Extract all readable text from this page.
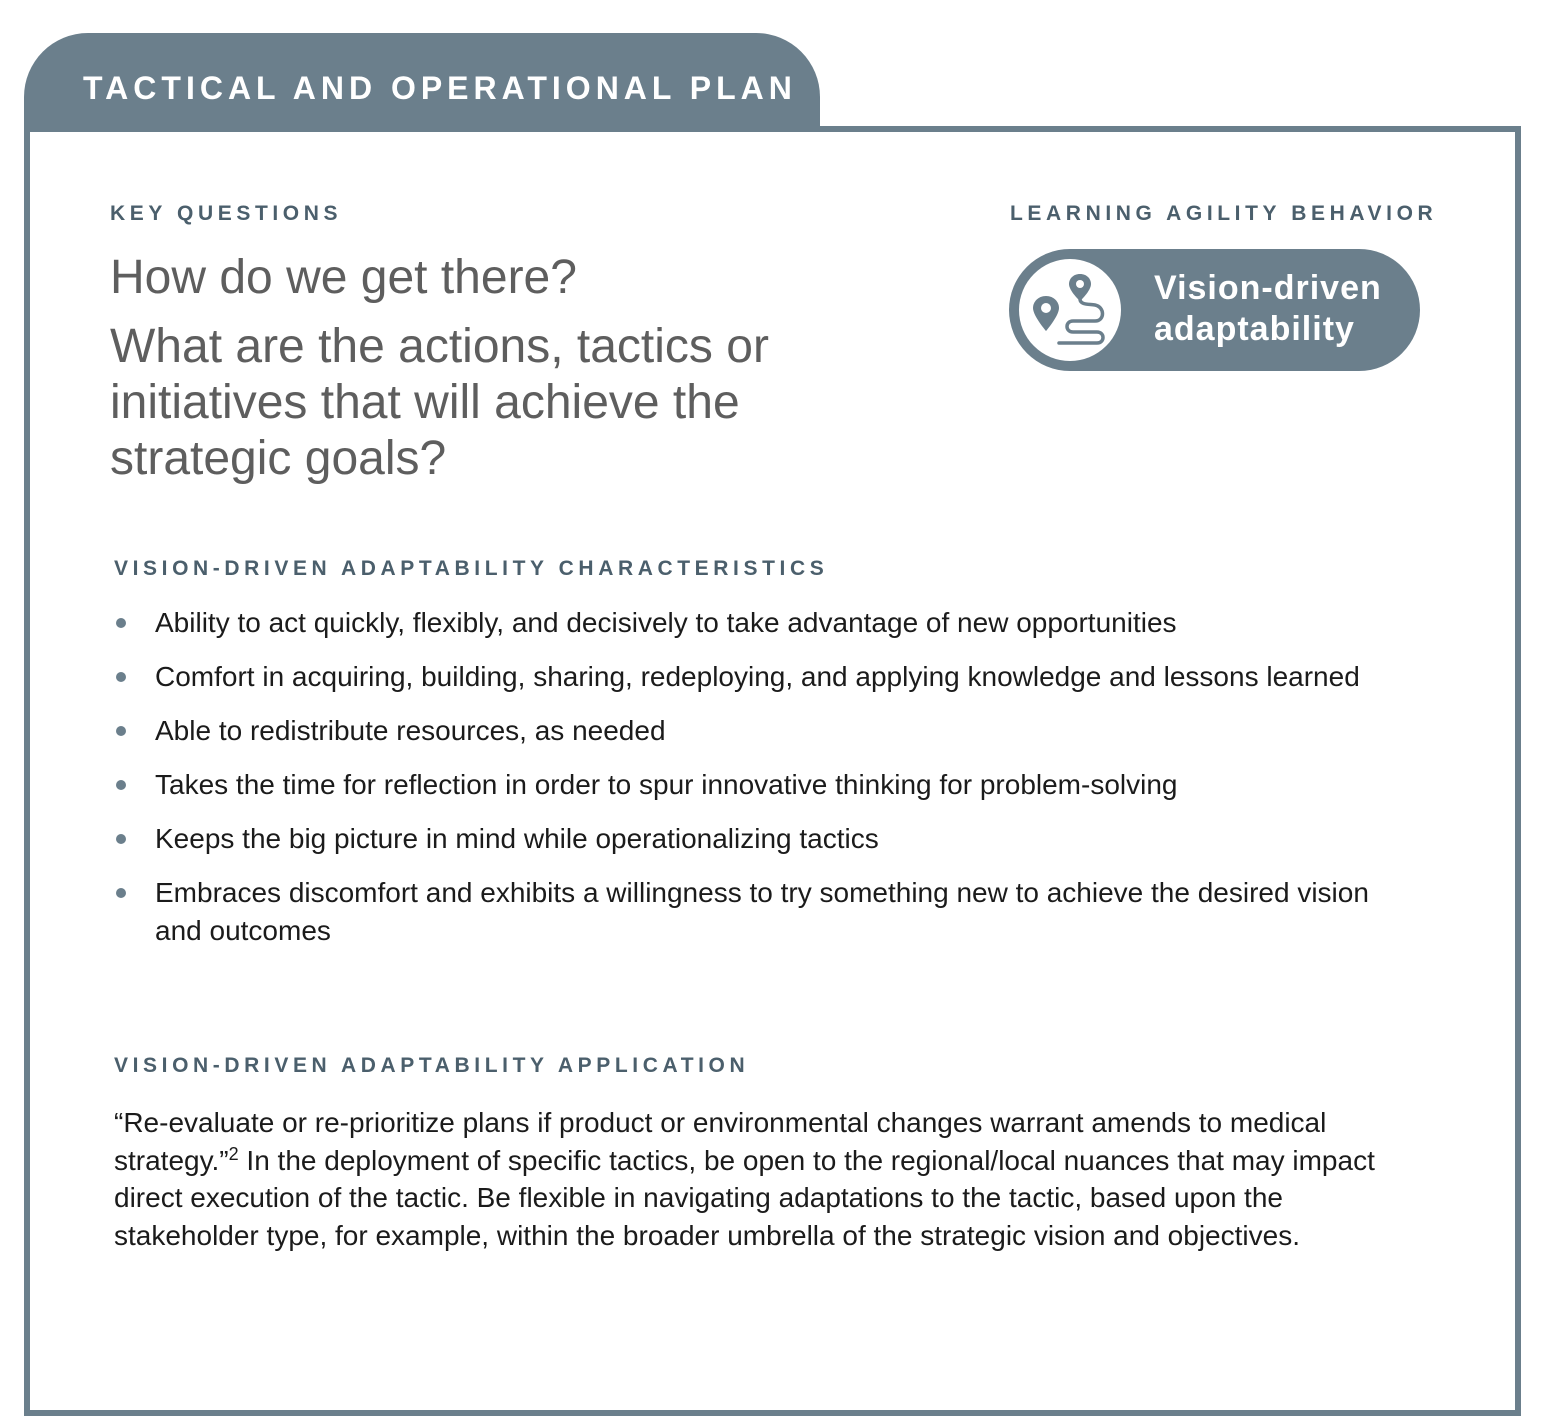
TACTICAL AND OPERATIONAL PLAN
KEY QUESTIONS
How do we get there?
What are the actions, tactics or initiatives that will achieve the strategic goals?
LEARNING AGILITY BEHAVIOR
Vision-driven
adaptability
VISION-DRIVEN ADAPTABILITY CHARACTERISTICS
Ability to act quickly, flexibly, and decisively to take advantage of new opportunities
Comfort in acquiring, building, sharing, redeploying, and applying knowledge and lessons learned
Able to redistribute resources, as needed
Takes the time for reflection in order to spur innovative thinking for problem-solving
Keeps the big picture in mind while operationalizing tactics
Embraces discomfort and exhibits a willingness to try something new to achieve the desired vision and outcomes
VISION-DRIVEN ADAPTABILITY APPLICATION
“Re-evaluate or re-prioritize plans if product or environmental changes warrant amends to medical strategy.”$^2$ In the deployment of specific tactics, be open to the regional/local nuances that may impact direct execution of the tactic. Be flexible in navigating adaptations to the tactic, based upon the stakeholder type, for example, within the broader umbrella of the strategic vision and objectives.
